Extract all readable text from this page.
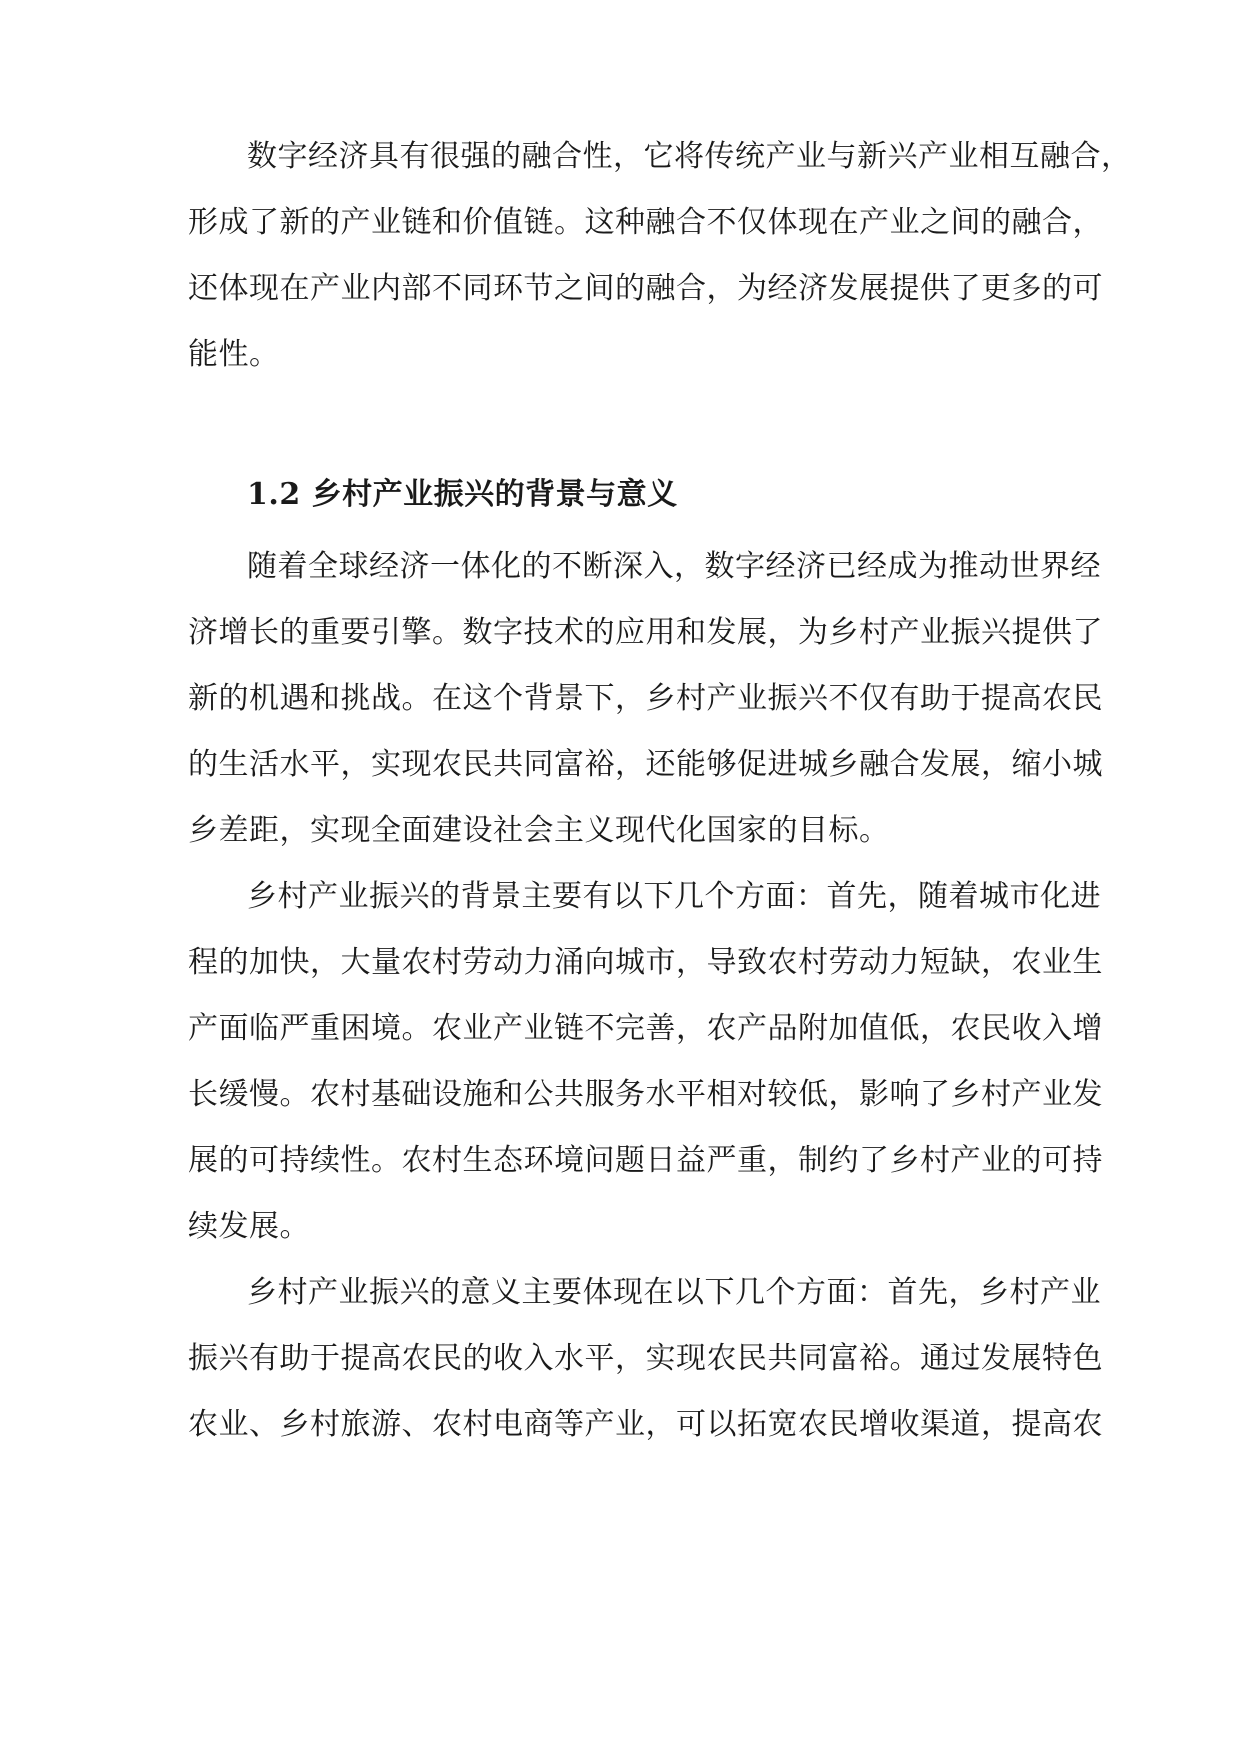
数字经济具有很强的融合性，它将传统产业与新兴产业相互融合，
形成了新的产业链和价值链。这种融合不仅体现在产业之间的融合，
还体现在产业内部不同环节之间的融合，为经济发展提供了更多的可
能性。
1.2 乡村产业振兴的背景与意义
随着全球经济一体化的不断深入，数字经济已经成为推动世界经
济增长的重要引擎。数字技术的应用和发展，为乡村产业振兴提供了
新的机遇和挑战。在这个背景下，乡村产业振兴不仅有助于提高农民
的生活水平，实现农民共同富裕，还能够促进城乡融合发展，缩小城
乡差距，实现全面建设社会主义现代化国家的目标。
乡村产业振兴的背景主要有以下几个方面：首先，随着城市化进
程的加快，大量农村劳动力涌向城市，导致农村劳动力短缺，农业生
产面临严重困境。农业产业链不完善，农产品附加值低，农民收入增
长缓慢。农村基础设施和公共服务水平相对较低，影响了乡村产业发
展的可持续性。农村生态环境问题日益严重，制约了乡村产业的可持
续发展。
乡村产业振兴的意义主要体现在以下几个方面：首先，乡村产业
振兴有助于提高农民的收入水平，实现农民共同富裕。通过发展特色
农业、乡村旅游、农村电商等产业，可以拓宽农民增收渠道，提高农
